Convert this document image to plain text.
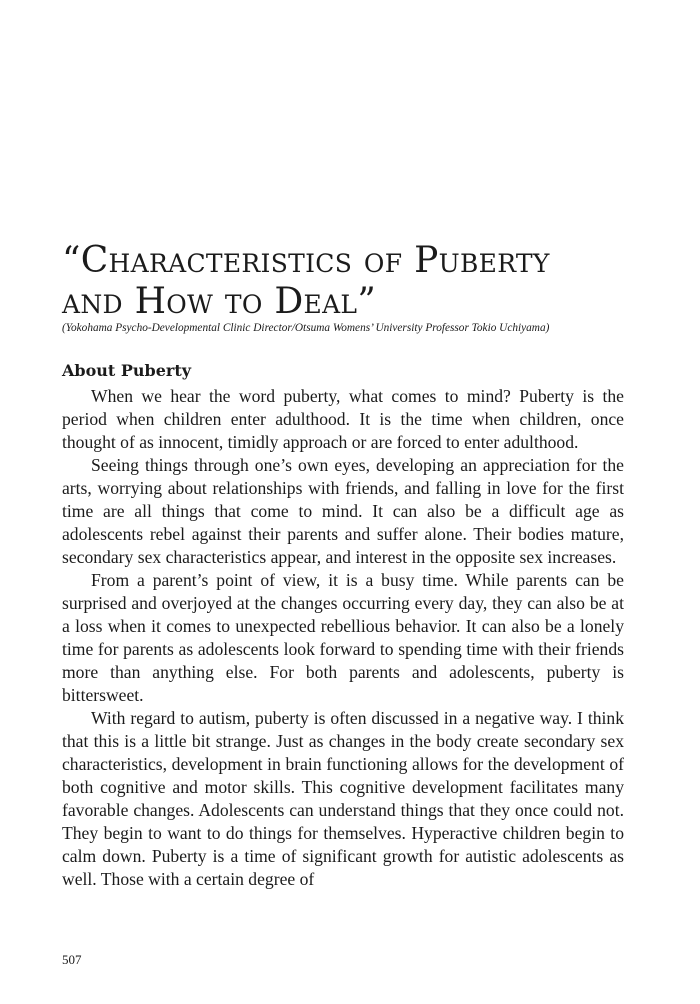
“Characteristics of Puberty
and How to Deal”

(Yokohama Psycho-Developmental Clinic Director/Otsuma Womens’ University Professor Tokio Uchiyama)

About Puberty

When we hear the word puberty, what comes to mind? Puberty is the period when children enter adulthood. It is the time when children, once thought of as innocent, timidly approach or are forced to enter adulthood.

Seeing things through one’s own eyes, developing an appreciation for the arts, worrying about relationships with friends, and falling in love for the first time are all things that come to mind. It can also be a difficult age as adolescents rebel against their parents and suffer alone. Their bodies mature, secondary sex characteristics appear, and interest in the opposite sex increases.

From a parent’s point of view, it is a busy time. While parents can be surprised and overjoyed at the changes occurring every day, they can also be at a loss when it comes to unexpected rebellious behavior. It can also be a lonely time for parents as adolescents look forward to spending time with their friends more than anything else. For both parents and adolescents, puberty is bittersweet.

With regard to autism, puberty is often discussed in a negative way. I think that this is a little bit strange. Just as changes in the body create secondary sex characteristics, development in brain functioning allows for the development of both cognitive and motor skills. This cognitive development facilitates many favorable changes. Adolescents can understand things that they once could not. They begin to want to do things for themselves. Hyperactive children begin to calm down. Puberty is a time of significant growth for autistic adolescents as well. Those with a certain degree of

507
